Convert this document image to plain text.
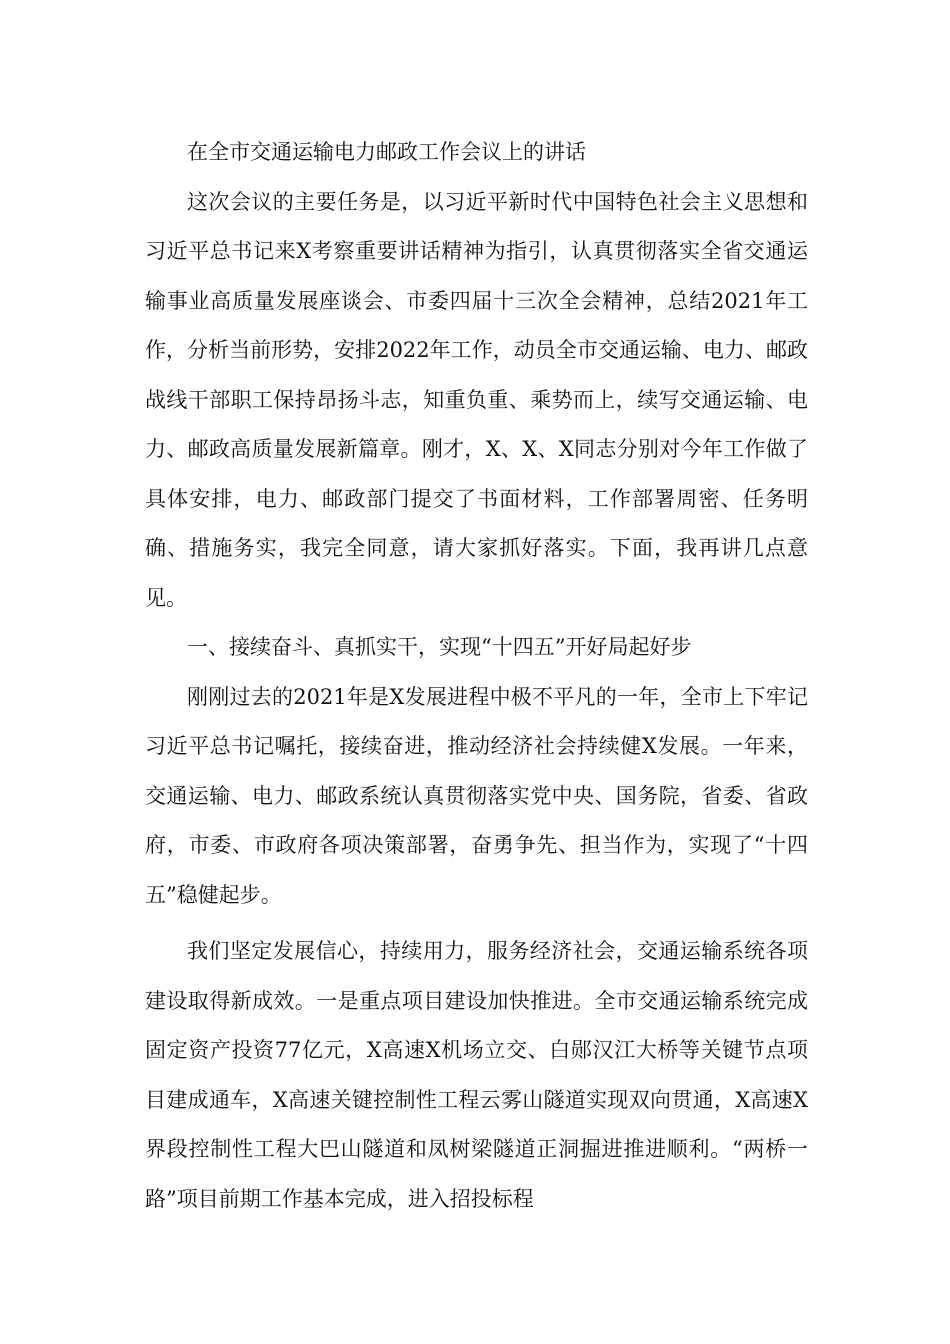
在全市交通运输电力邮政工作会议上的讲话

这次会议的主要任务是，以习近平新时代中国特色社会主义思想和习近平总书记来X考察重要讲话精神为指引，认真贯彻落实全省交通运输事业高质量发展座谈会、市委四届十三次全会精神，总结2021年工作，分析当前形势，安排2022年工作，动员全市交通运输、电力、邮政战线干部职工保持昂扬斗志，知重负重、乘势而上，续写交通运输、电力、邮政高质量发展新篇章。刚才，X、X、X同志分别对今年工作做了具体安排，电力、邮政部门提交了书面材料，工作部署周密、任务明确、措施务实，我完全同意，请大家抓好落实。下面，我再讲几点意见。

一、接续奋斗、真抓实干，实现“十四五”开好局起好步

刚刚过去的2021年是X发展进程中极不平凡的一年，全市上下牢记习近平总书记嘱托，接续奋进，推动经济社会持续健X发展。一年来，交通运输、电力、邮政系统认真贯彻落实党中央、国务院，省委、省政府，市委、市政府各项决策部署，奋勇争先、担当作为，实现了“十四五”稳健起步。

我们坚定发展信心，持续用力，服务经济社会，交通运输系统各项建设取得新成效。一是重点项目建设加快推进。全市交通运输系统完成固定资产投资77亿元，X高速X机场立交、白郧汉江大桥等关键节点项目建成通车，X高速关键控制性工程云雾山隧道实现双向贯通，X高速X界段控制性工程大巴山隧道和凤树梁隧道正洞掘进推进顺利。“两桥一路”项目前期工作基本完成，进入招投标程
